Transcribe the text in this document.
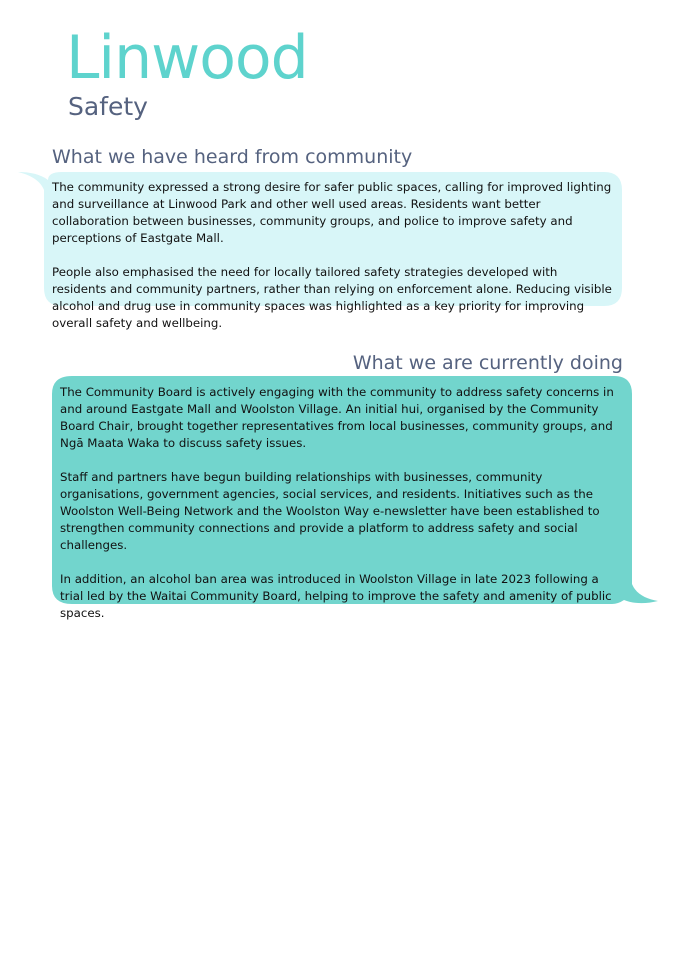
Linwood
Safety
What we have heard from community

The community expressed a strong desire for safer public spaces, calling for improved lighting and surveillance at Linwood Park and other well used areas. Residents want better collaboration between businesses, community groups, and police to improve safety and perceptions of Eastgate Mall.

People also emphasised the need for locally tailored safety strategies developed with residents and community partners, rather than relying on enforcement alone. Reducing visible alcohol and drug use in community spaces was highlighted as a key priority for improving overall safety and wellbeing.

What we are currently doing

The Community Board is actively engaging with the community to address safety concerns in and around Eastgate Mall and Woolston Village. An initial hui, organised by the Community Board Chair, brought together representatives from local businesses, community groups, and Ngā Maata Waka to discuss safety issues.

Staff and partners have begun building relationships with businesses, community organisations, government agencies, social services, and residents. Initiatives such as the Woolston Well-Being Network and the Woolston Way e-newsletter have been established to strengthen community connections and provide a platform to address safety and social challenges.

In addition, an alcohol ban area was introduced in Woolston Village in late 2023 following a trial led by the Waitai Community Board, helping to improve the safety and amenity of public spaces.
